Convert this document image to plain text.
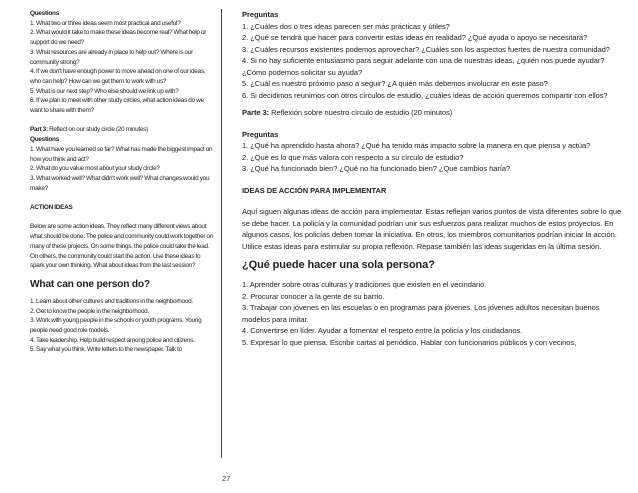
Questions
1. What two or three ideas seem most practical and useful?
2. What would it take to make these ideas become real? What help or support do we need?
3. What resources are already in place to help out? Where is our community strong?
4. If we don't have enough power to move ahead on one of our ideas, who can help? How can we get them to work with us?
5. What is our next step? Who else should we link up with?
6. If we plan to meet with other study circles, what action ideas do we want to share with them?
Part 3: Reflect on our study circle (20 minutes)
Questions
1. What have you learned so far? What has made the biggest impact on how you think and act?
2. What do you value most about your study circle?
3. What worked well? What didn't work well? What changes would you make?
ACTION IDEAS
Below are some action ideas. They reflect many different views about what should be done. The police and community could work together on many of these projects. On some things, the police could take the lead. On others, the community could start the action. Use these ideas to spark your own thinking. What about ideas from the last session?
What can one person do?
1. Learn about other cultures and traditions in the neighborhood.
2. Get to know the people in the neighborhood.
3. Work with young people in the schools or youth programs. Young people need good role models.
4. Take leadership. Help build respect among police and citizens.
5. Say what you think. Write letters to the newspaper. Talk to
Preguntas
1. ¿Cuáles dos o tres ideas parecen ser más prácticas y útiles?
2. ¿Qué se tendrá que hacer para convertir estas ideas en realidad? ¿Qué ayuda o apoyo se necesitará?
3. ¿Cuáles recursos existentes podemos aprovechar? ¿Cuáles son los aspectos fuertes de nuestra comunidad?
4. Si no hay suficiente entusiasmo para seguir adelante con una de nuestras ideas, ¿quién nos puede ayudar? ¿Cómo podemos solicitar su ayuda?
5. ¿Cuál es nuestro próximo paso a seguir? ¿A quién más debemos involucrar en este paso?
6. Si decidimos reunirnos con otros círculos de estudio, ¿cuáles ideas de acción queremos compartir con ellos?
Parte 3: Reflexión sobre nuestro círculo de estudio (20 minutos)
Preguntas
1. ¿Qué ha aprendido hasta ahora? ¿Qué ha tenido más impacto sobre la manera en que piensa y actúa?
2. ¿Qué es lo que más valora con respecto a su círculo de estudio?
3. ¿Qué ha funcionado bien? ¿Qué no ha funcionado bien? ¿Qué cambios haría?
IDEAS DE ACCIÓN PARA IMPLEMENTAR
Aquí siguen algunas ideas de acción para implementar. Estas reflejan varios puntos de vista diferentes sobre lo que se debe hacer. La policía y la comunidad podrían unir sus esfuerzos para realizar muchos de estos proyectos. En algunos casos, los policías deben tomar la iniciativa. En otros, los miembros comunitarios podrían iniciar la acción. Utilice estas ideas para estimular su propia reflexión. Repase también las ideas sugeridas en la última sesión.
¿Qué puede hacer una sola persona?
1. Aprender sobre otras culturas y tradiciones que existen en el vecindario.
2. Procurar conocer a la gente de su barrio.
3. Trabajar con jóvenes en las escuelas o en programas para jóvenes. Los jóvenes adultos necesitan buenos modelos para imitar.
4. Convertirse en líder. Ayudar a fomentar el respeto entre la policía y los ciudadanos.
5. Expresar lo que piensa. Escribir cartas al periódico. Hablar con funcionarios públicos y con vecinos,
27
